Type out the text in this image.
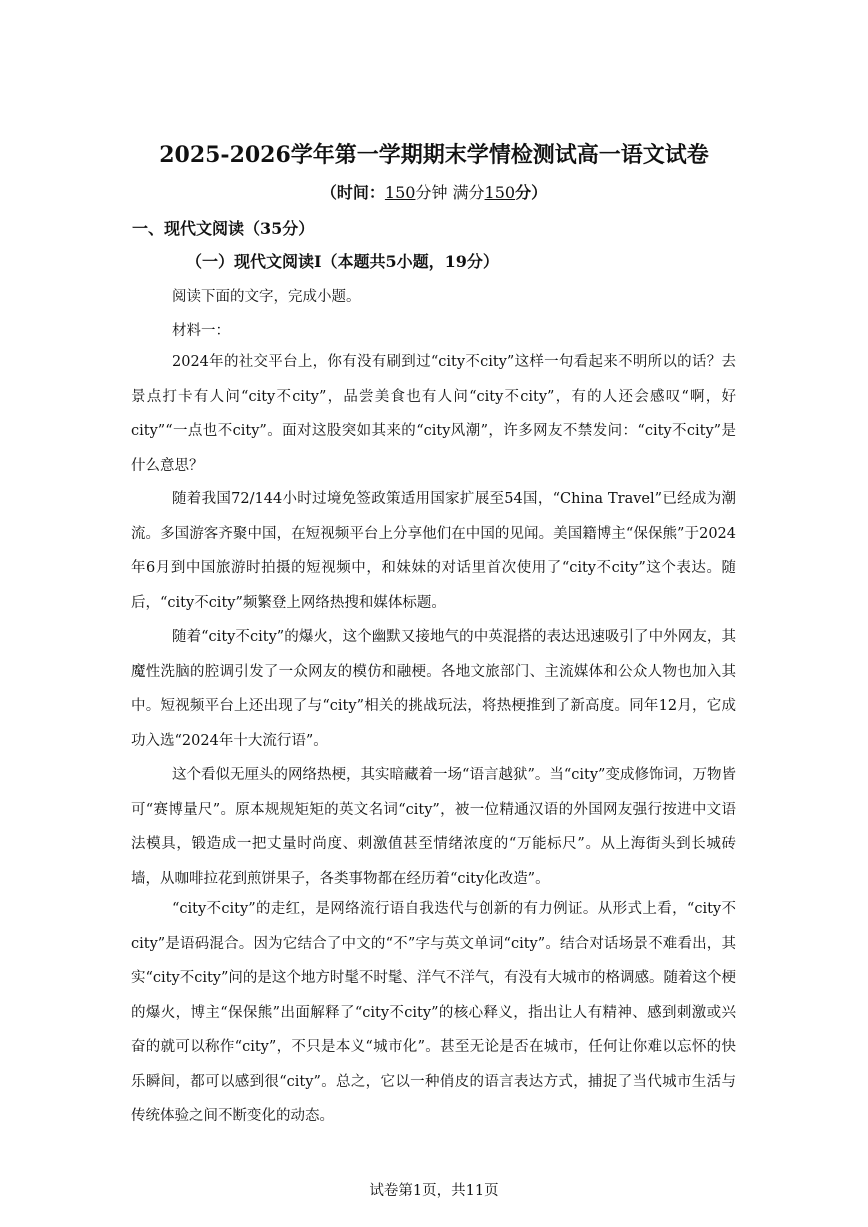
2025-2026学年第一学期期末学情检测试高一语文试卷
（时间：150分钟 满分150分）
一、现代文阅读（35分）
（一）现代文阅读I（本题共5小题，19分）
阅读下面的文字，完成小题。
材料一：

2024年的社交平台上，你有没有刷到过“city不city”这样一句看起来不明所以的话？去景点打卡有人问“city不city”，品尝美食也有人问“city不city”，有的人还会感叹“啊，好city”“一点也不city”。面对这股突如其来的“city风潮”，许多网友不禁发问：“city不city”是什么意思？

随着我国72/144小时过境免签政策适用国家扩展至54国，“China Travel”已经成为潮流。多国游客齐聚中国，在短视频平台上分享他们在中国的见闻。美国籍博主“保保熊”于2024年6月到中国旅游时拍摄的短视频中，和妹妹的对话里首次使用了“city不city”这个表达。随后，“city不city”频繁登上网络热搜和媒体标题。

随着“city不city”的爆火，这个幽默又接地气的中英混搭的表达迅速吸引了中外网友，其魔性洗脑的腔调引发了一众网友的模仿和融梗。各地文旅部门、主流媒体和公众人物也加入其中。短视频平台上还出现了与“city”相关的挑战玩法，将热梗推到了新高度。同年12月，它成功入选“2024年十大流行语”。

这个看似无厘头的网络热梗，其实暗藏着一场“语言越狱”。当“city”变成修饰词，万物皆可“赛博量尺”。原本规规矩矩的英文名词“city”，被一位精通汉语的外国网友强行按进中文语法模具，锻造成一把丈量时尚度、刺激值甚至情绪浓度的“万能标尺”。从上海街头到长城砖墙，从咖啡拉花到煎饼果子，各类事物都在经历着“city化改造”。

“city不city”的走红，是网络流行语自我迭代与创新的有力例证。从形式上看，“city不city”是语码混合。因为它结合了中文的“不”字与英文单词“city”。结合对话场景不难看出，其实“city不city”问的是这个地方时髦不时髦、洋气不洋气，有没有大城市的格调感。随着这个梗的爆火，博主“保保熊”出面解释了“city不city”的核心释义，指出让人有精神、感到刺激或兴奋的就可以称作“city”，不只是本义“城市化”。甚至无论是否在城市，任何让你难以忘怀的快乐瞬间，都可以感到很“city”。总之，它以一种俏皮的语言表达方式，捕捉了当代城市生活与传统体验之间不断变化的动态。

试卷第1页，共11页
